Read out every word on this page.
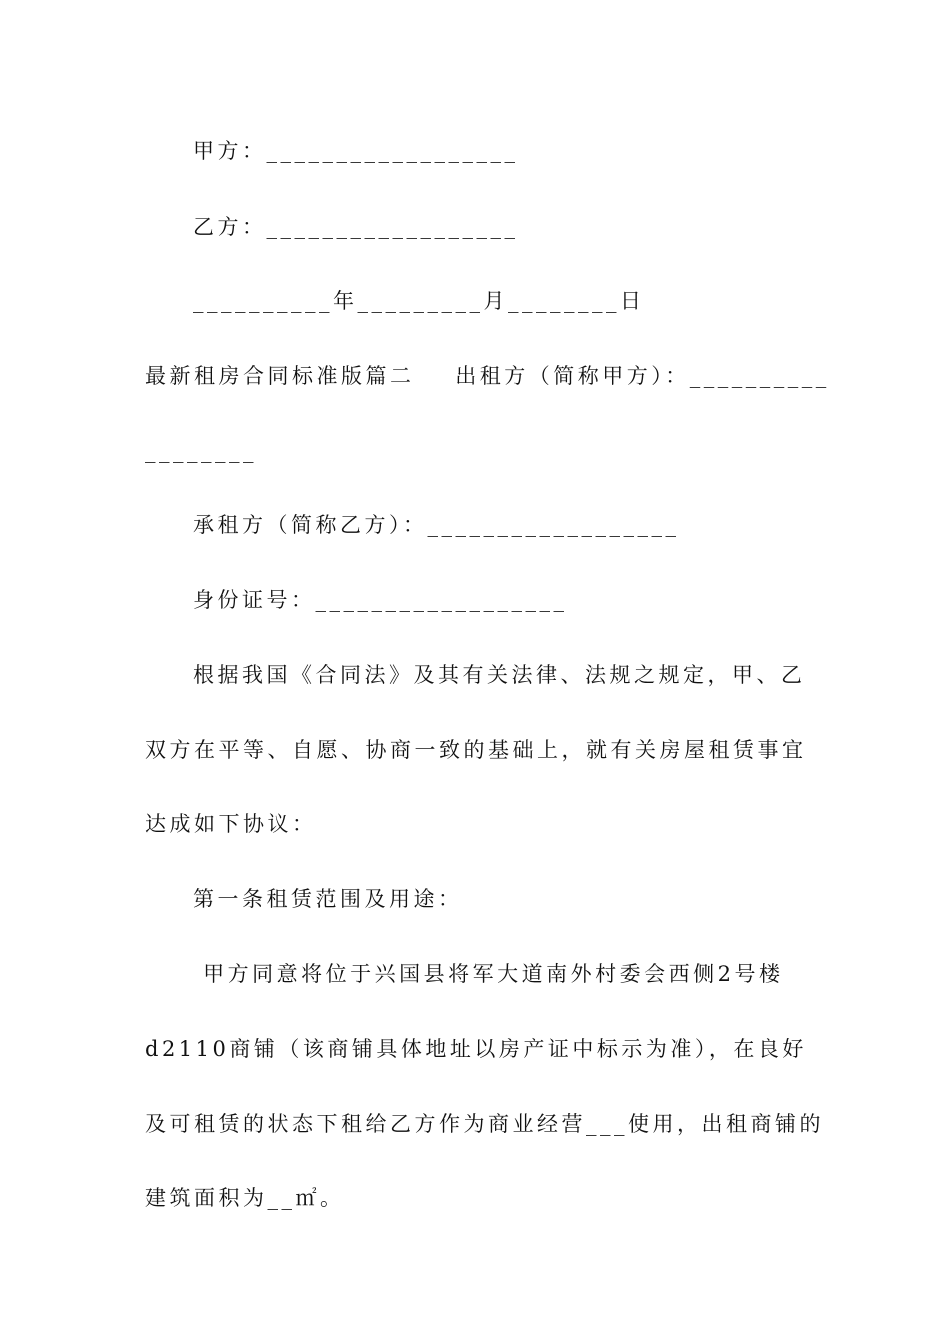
甲方：__________________

乙方：__________________

__________年_________月________日

最新租房合同标准版篇二    出租方（简称甲方）：__________

________

承租方（简称乙方）：__________________

身份证号：__________________

根据我国《合同法》及其有关法律、法规之规定，甲、乙

双方在平等、自愿、协商一致的基础上，就有关房屋租赁事宜

达成如下协议：

第一条租赁范围及用途：

甲方同意将位于兴国县将军大道南外村委会西侧2号楼

d2110商铺（该商铺具体地址以房产证中标示为准），在良好

及可租赁的状态下租给乙方作为商业经营___使用，出租商铺的

建筑面积为__㎡。
